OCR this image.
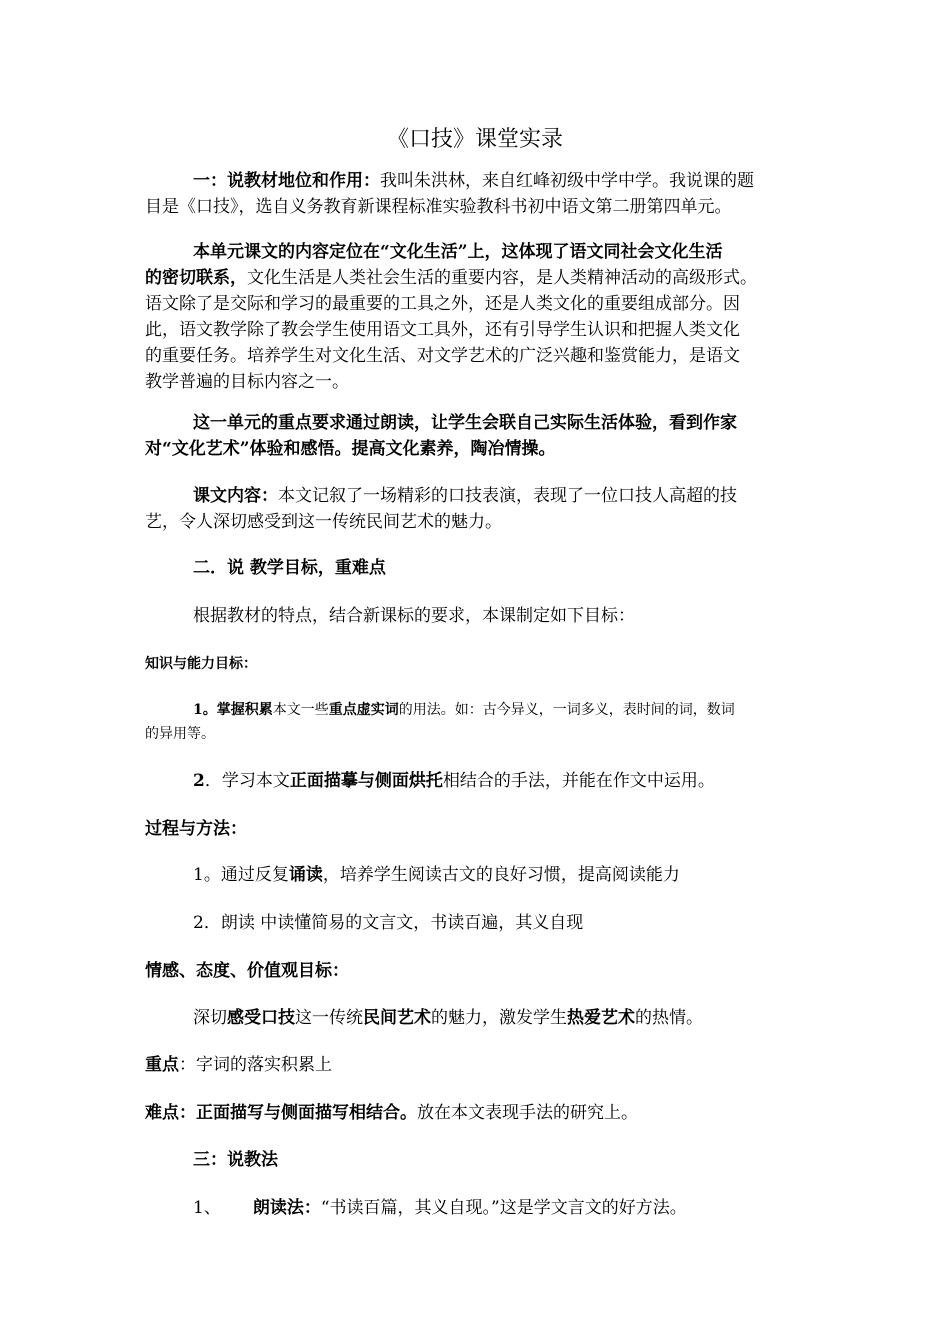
《口技》课堂实录
一：说教材地位和作用：我叫朱洪林，来自红峰初级中学中学。我说课的题
目是《口技》，选自义务教育新课程标准实验教科书初中语文第二册第四单元。
本单元课文的内容定位在“文化生活”上，这体现了语文同社会文化生活
的密切联系，文化生活是人类社会生活的重要内容，是人类精神活动的高级形式。
语文除了是交际和学习的最重要的工具之外，还是人类文化的重要组成部分。因
此，语文教学除了教会学生使用语文工具外，还有引导学生认识和把握人类文化
的重要任务。培养学生对文化生活、对文学艺术的广泛兴趣和鉴赏能力，是语文
教学普遍的目标内容之一。
这一单元的重点要求通过朗读，让学生会联自己实际生活体验，看到作家
对“文化艺术”体验和感悟。提高文化素养，陶冶情操。
课文内容：本文记叙了一场精彩的口技表演，表现了一位口技人高超的技
艺，令人深切感受到这一传统民间艺术的魅力。
二．说 教学目标，重难点
根据教材的特点，结合新课标的要求，本课制定如下目标：
知识与能力目标：
1。掌握积累本文一些重点虚实词的用法。如：古今异义，一词多义，表时间的词，数词
的异用等。
2．学习本文正面描摹与侧面烘托相结合的手法，并能在作文中运用。
过程与方法：
1。通过反复诵读，培养学生阅读古文的良好习惯，提高阅读能力
2．朗读 中读懂简易的文言文，书读百遍，其义自现
情感、态度、价值观目标：
深切感受口技这一传统民间艺术的魅力，激发学生热爱艺术的热情。
重点：字词的落实积累上
难点：正面描写与侧面描写相结合。放在本文表现手法的研究上。
三：说教法
1、 朗读法：“书读百篇，其义自现。”这是学文言文的好方法。
